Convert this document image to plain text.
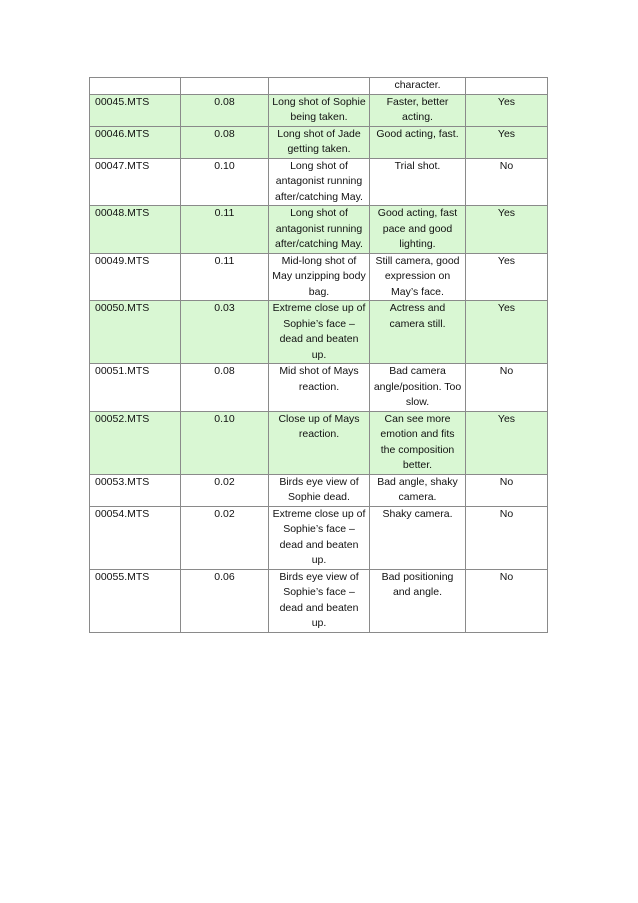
			character.	
00045.MTS	0.08	Long shot of Sophie being taken.	Faster, better acting.	Yes
00046.MTS	0.08	Long shot of Jade getting taken.	Good acting, fast.	Yes
00047.MTS	0.10	Long shot of antagonist running after/catching May.	Trial shot.	No
00048.MTS	0.11	Long shot of antagonist running after/catching May.	Good acting, fast pace and good lighting.	Yes
00049.MTS	0.11	Mid-long shot of May unzipping body bag.	Still camera, good expression on May’s face.	Yes
00050.MTS	0.03	Extreme close up of Sophie’s face – dead and beaten up.	Actress and camera still.	Yes
00051.MTS	0.08	Mid shot of Mays reaction.	Bad camera angle/position. Too slow.	No
00052.MTS	0.10	Close up of Mays reaction.	Can see more emotion and fits the composition better.	Yes
00053.MTS	0.02	Birds eye view of Sophie dead.	Bad angle, shaky camera.	No
00054.MTS	0.02	Extreme close up of Sophie’s face – dead and beaten up.	Shaky camera.	No
00055.MTS	0.06	Birds eye view of Sophie’s face – dead and beaten up.	Bad positioning and angle.	No
